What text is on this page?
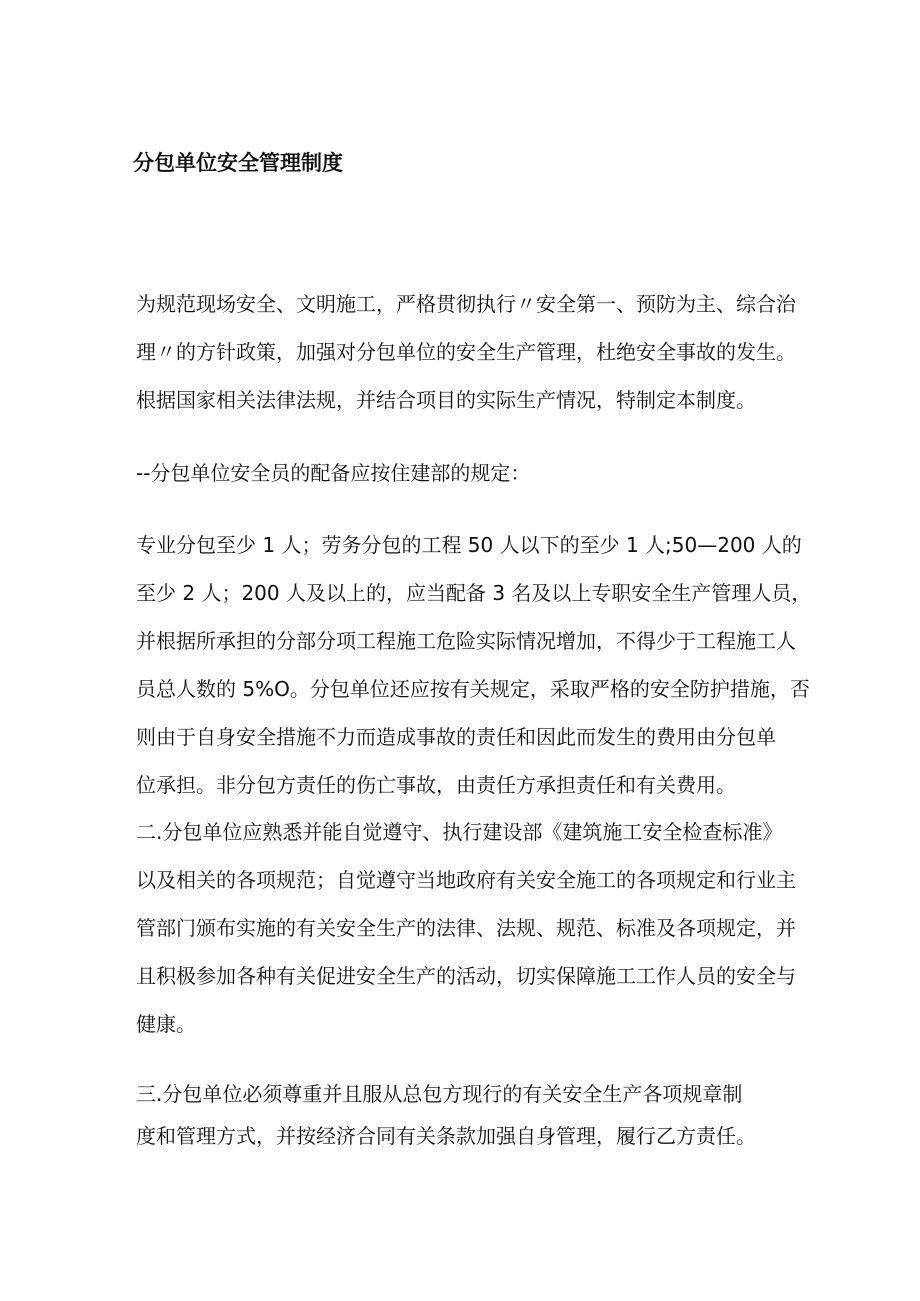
分包单位安全管理制度
为规范现场安全、文明施工，严格贯彻执行〃安全第一、预防为主、综合治
理〃的方针政策，加强对分包单位的安全生产管理，杜绝安全事故的发生。
根据国家相关法律法规，并结合项目的实际生产情况，特制定本制度。
--分包单位安全员的配备应按住建部的规定：
专业分包至少 1 人；劳务分包的工程 50 人以下的至少 1 人;50—200 人的
至少 2 人；200 人及以上的，应当配备 3 名及以上专职安全生产管理人员，
并根据所承担的分部分项工程施工危险实际情况增加，不得少于工程施工人
员总人数的 5%O。分包单位还应按有关规定，采取严格的安全防护措施，否
则由于自身安全措施不力而造成事故的责任和因此而发生的费用由分包单
位承担。非分包方责任的伤亡事故，由责任方承担责任和有关费用。
二.分包单位应熟悉并能自觉遵守、执行建设部《建筑施工安全检查标准》
以及相关的各项规范；自觉遵守当地政府有关安全施工的各项规定和行业主
管部门颁布实施的有关安全生产的法律、法规、规范、标准及各项规定，并
且积极参加各种有关促进安全生产的活动，切实保障施工工作人员的安全与
健康。
三.分包单位必须尊重并且服从总包方现行的有关安全生产各项规章制
度和管理方式，并按经济合同有关条款加强自身管理，履行乙方责任。
